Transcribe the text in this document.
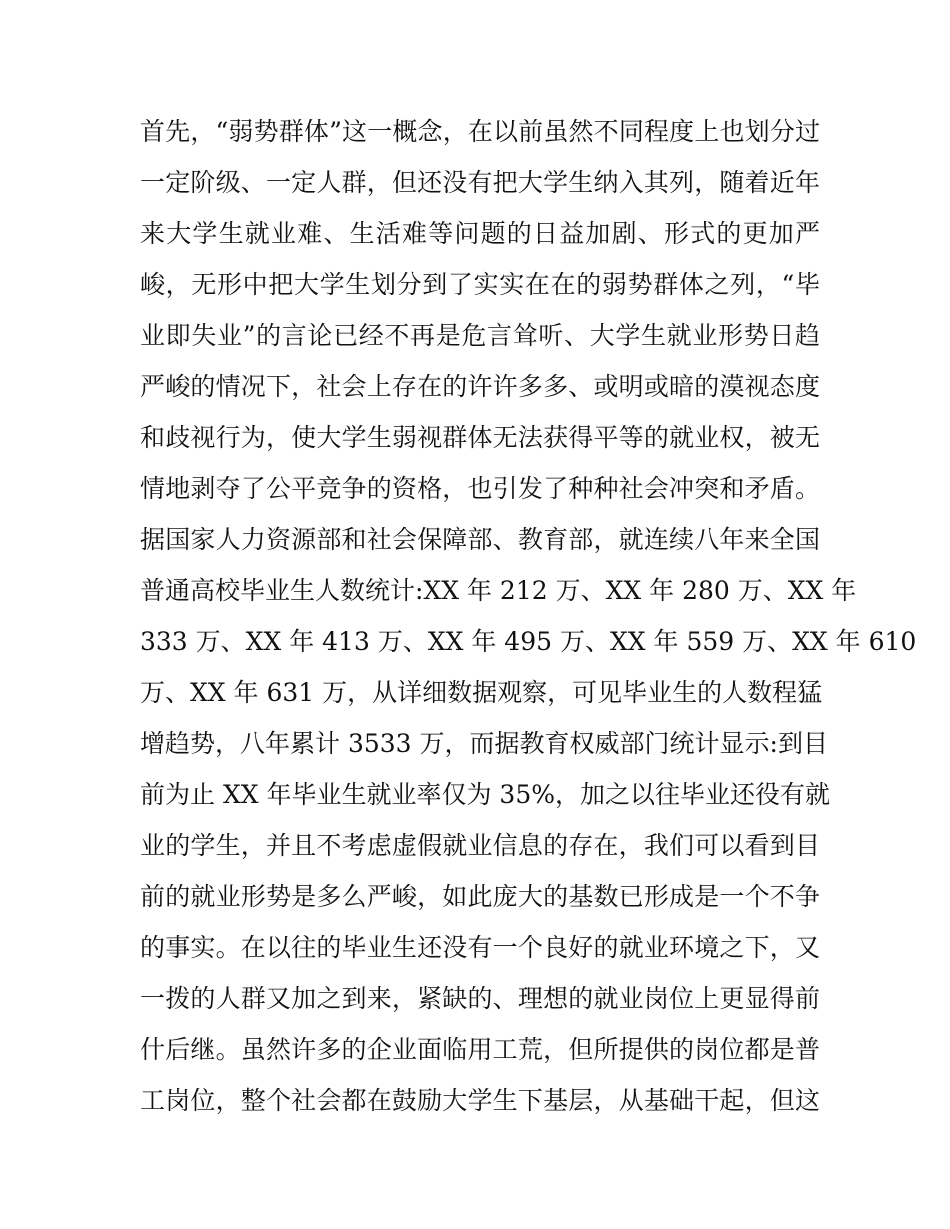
首先，“弱势群体”这一概念，在以前虽然不同程度上也划分过
一定阶级、一定人群，但还没有把大学生纳入其列，随着近年
来大学生就业难、生活难等问题的日益加剧、形式的更加严
峻，无形中把大学生划分到了实实在在的弱势群体之列，“毕
业即失业”的言论已经不再是危言耸听、大学生就业形势日趋
严峻的情况下，社会上存在的许许多多、或明或暗的漠视态度
和歧视行为，使大学生弱视群体无法获得平等的就业权，被无
情地剥夺了公平竞争的资格，也引发了种种社会冲突和矛盾。
据国家人力资源部和社会保障部、教育部，就连续八年来全国
普通高校毕业生人数统计:XX 年 212 万、XX 年 280 万、XX 年
333 万、XX 年 413 万、XX 年 495 万、XX 年 559 万、XX 年 610
万、XX 年 631 万，从详细数据观察，可见毕业生的人数程猛
增趋势，八年累计 3533 万，而据教育权威部门统计显示:到目
前为止 XX 年毕业生就业率仅为 35%，加之以往毕业还役有就
业的学生，并且不考虑虚假就业信息的存在，我们可以看到目
前的就业形势是多么严峻，如此庞大的基数已形成是一个不争
的事实。在以往的毕业生还没有一个良好的就业环境之下，又
一拨的人群又加之到来，紧缺的、理想的就业岗位上更显得前
什后继。虽然许多的企业面临用工荒，但所提供的岗位都是普
工岗位，整个社会都在鼓励大学生下基层，从基础干起，但这
